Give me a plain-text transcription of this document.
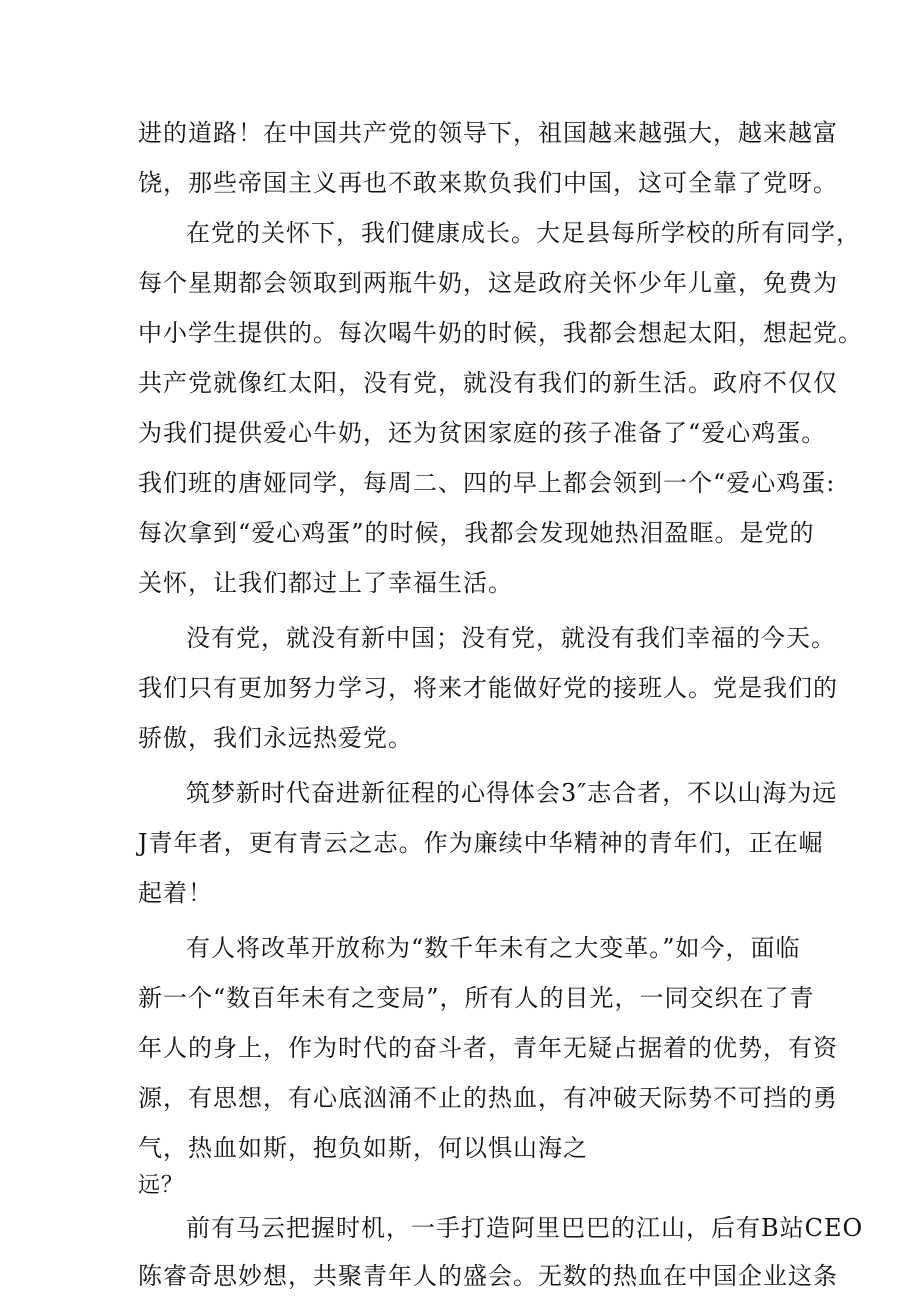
进的道路！在中国共产党的领导下，祖国越来越强大，越来越富
饶，那些帝国主义再也不敢来欺负我们中国，这可全靠了党呀。
在党的关怀下，我们健康成长。大足县每所学校的所有同学，
每个星期都会领取到两瓶牛奶，这是政府关怀少年儿童，免费为
中小学生提供的。每次喝牛奶的时候，我都会想起太阳，想起党。
共产党就像红太阳，没有党，就没有我们的新生活。政府不仅仅
为我们提供爱心牛奶，还为贫困家庭的孩子准备了“爱心鸡蛋。
我们班的唐娅同学，每周二、四的早上都会领到一个“爱心鸡蛋:
每次拿到“爱心鸡蛋”的时候，我都会发现她热泪盈眶。是党的
关怀，让我们都过上了幸福生活。
没有党，就没有新中国；没有党，就没有我们幸福的今天。
我们只有更加努力学习，将来才能做好党的接班人。党是我们的
骄傲，我们永远热爱党。
筑梦新时代奋进新征程的心得体会3″志合者，不以山海为远
J青年者，更有青云之志。作为廉续中华精神的青年们，正在崛
起着！
有人将改革开放称为“数千年未有之大变革。”如今，面临
新一个“数百年未有之变局”，所有人的目光，一同交织在了青
年人的身上，作为时代的奋斗者，青年无疑占据着的优势，有资
源，有思想，有心底汹涌不止的热血，有冲破天际势不可挡的勇
气，热血如斯，抱负如斯，何以惧山海之
远？
前有马云把握时机，一手打造阿里巴巴的江山，后有B站CEO
陈睿奇思妙想，共聚青年人的盛会。无数的热血在中国企业这条
